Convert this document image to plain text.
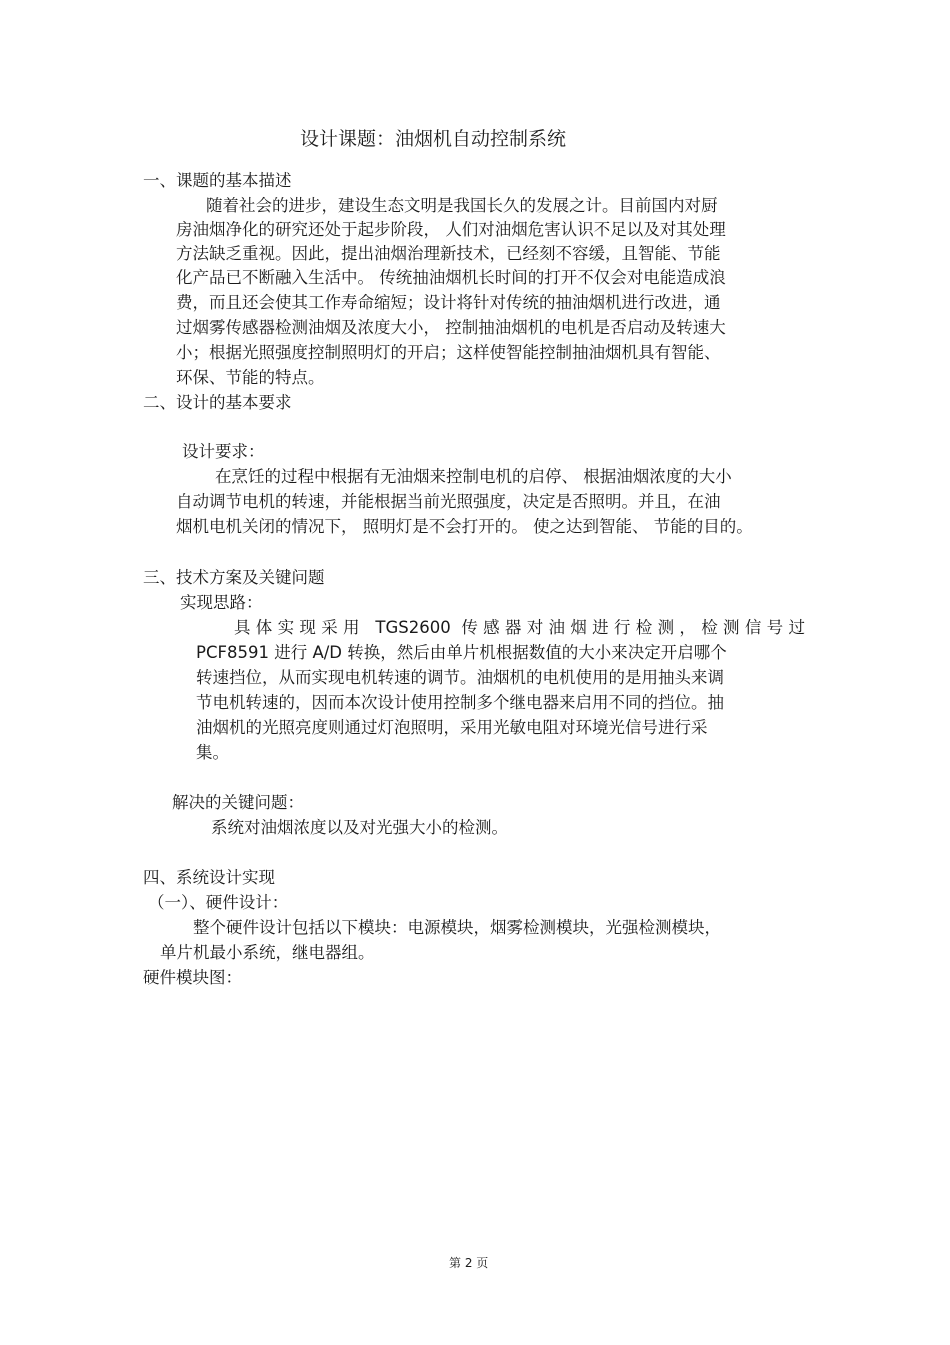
设计课题：油烟机自动控制系统
一、课题的基本描述
随着社会的进步，建设生态文明是我国长久的发展之计。目前国内对厨
房油烟净化的研究还处于起步阶段， 人们对油烟危害认识不足以及对其处理
方法缺乏重视。因此，提出油烟治理新技术，已经刻不容缓，且智能、节能
化产品已不断融入生活中。 传统抽油烟机长时间的打开不仅会对电能造成浪
费，而且还会使其工作寿命缩短；设计将针对传统的抽油烟机进行改进，通
过烟雾传感器检测油烟及浓度大小， 控制抽油烟机的电机是否启动及转速大
小；根据光照强度控制照明灯的开启；这样使智能控制抽油烟机具有智能、
环保、节能的特点。
二、设计的基本要求
设计要求：
在烹饪的过程中根据有无油烟来控制电机的启停、 根据油烟浓度的大小
自动调节电机的转速，并能根据当前光照强度，决定是否照明。并且，在油
烟机电机关闭的情况下， 照明灯是不会打开的。 使之达到智能、 节能的目的。
三、技术方案及关键问题
实现思路：
具体实现采用 TGS2600 传感器对油烟进行检测，检测信号过
PCF8591 进行 A/D 转换，然后由单片机根据数值的大小来决定开启哪个
转速挡位，从而实现电机转速的调节。油烟机的电机使用的是用抽头来调
节电机转速的，因而本次设计使用控制多个继电器来启用不同的挡位。抽
油烟机的光照亮度则通过灯泡照明，采用光敏电阻对环境光信号进行采
集。
解决的关键问题：
系统对油烟浓度以及对光强大小的检测。
四、系统设计实现
（一）、硬件设计：
整个硬件设计包括以下模块：电源模块，烟雾检测模块，光强检测模块，
单片机最小系统，继电器组。
硬件模块图：
第 2 页
